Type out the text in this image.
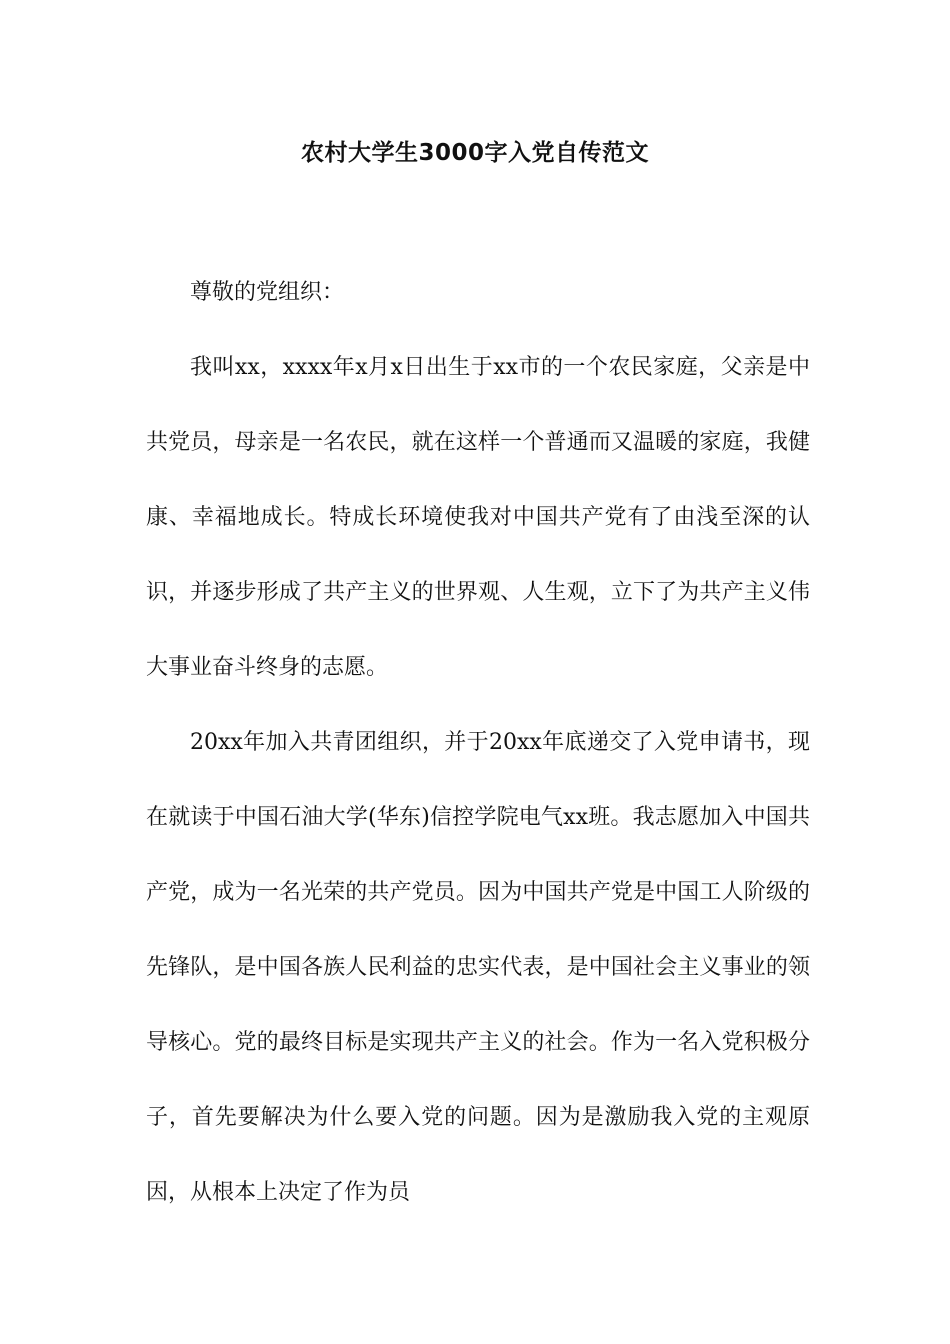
农村大学生3000字入党自传范文

尊敬的党组织：

我叫xx，xxxx年x月x日出生于xx市的一个农民家庭，父亲是中共党员，母亲是一名农民，就在这样一个普通而又温暖的家庭，我健康、幸福地成长。特成长环境使我对中国共产党有了由浅至深的认识，并逐步形成了共产主义的世界观、人生观，立下了为共产主义伟大事业奋斗终身的志愿。

20xx年加入共青团组织，并于20xx年底递交了入党申请书，现在就读于中国石油大学(华东)信控学院电气xx班。我志愿加入中国共产党，成为一名光荣的共产党员。因为中国共产党是中国工人阶级的先锋队，是中国各族人民利益的忠实代表，是中国社会主义事业的领导核心。党的最终目标是实现共产主义的社会。作为一名入党积极分子，首先要解决为什么要入党的问题。因为是激励我入党的主观原因，从根本上决定了作为员
